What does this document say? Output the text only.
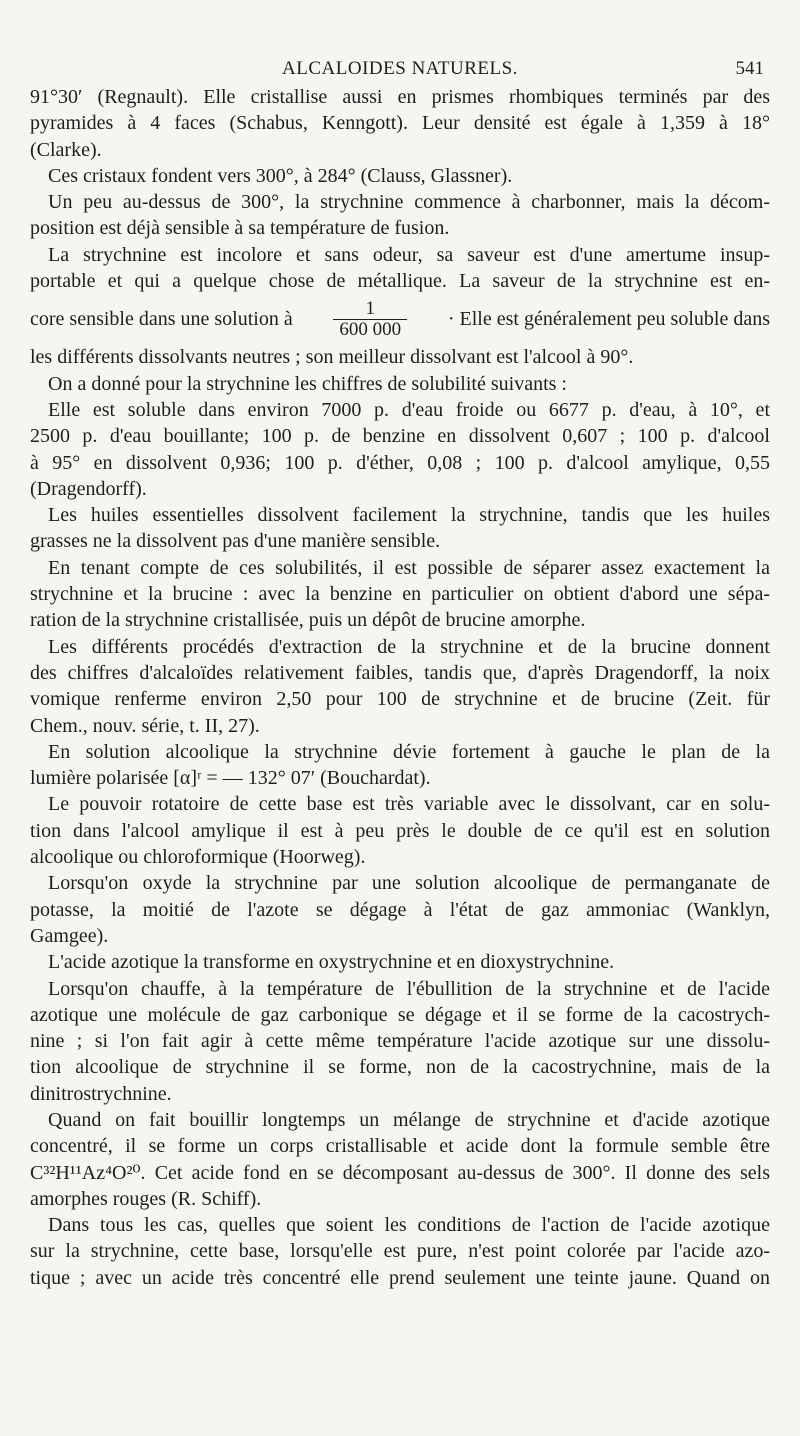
ALCALOIDES NATURELS.	541
91°30′ (Regnault). Elle cristallise aussi en prismes rhombiques terminés par des
pyramides à 4 faces (Schabus, Kenngott). Leur densité est égale à 1,359 à 18°
(Clarke).
Ces cristaux fondent vers 300°, à 284° (Clauss, Glassner).
Un peu au-dessus de 300°, la strychnine commence à charbonner, mais la décom-
position est déjà sensible à sa température de fusion.
La strychnine est incolore et sans odeur, sa saveur est d'une amertume insup-
portable et qui a quelque chose de métallique. La saveur de la strychnine est en-
core sensible dans une solution à $\frac{1}{600 000}$ · Elle est généralement peu soluble dans
les différents dissolvants neutres ; son meilleur dissolvant est l'alcool à 90°.
On a donné pour la strychnine les chiffres de solubilité suivants :
Elle est soluble dans environ 7000 p. d'eau froide ou 6677 p. d'eau, à 10°, et
2500 p. d'eau bouillante; 100 p. de benzine en dissolvent 0,607 ; 100 p. d'alcool
à 95° en dissolvent 0,936; 100 p. d'éther, 0,08 ; 100 p. d'alcool amylique, 0,55
(Dragendorff).
Les huiles essentielles dissolvent facilement la strychnine, tandis que les huiles
grasses ne la dissolvent pas d'une manière sensible.
En tenant compte de ces solubilités, il est possible de séparer assez exactement la
strychnine et la brucine : avec la benzine en particulier on obtient d'abord une sépa-
ration de la strychnine cristallisée, puis un dépôt de brucine amorphe.
Les différents procédés d'extraction de la strychnine et de la brucine donnent
des chiffres d'alcaloïdes relativement faibles, tandis que, d'après Dragendorff, la noix
vomique renferme environ 2,50 pour 100 de strychnine et de brucine (Zeit. für
Chem., nouv. série, t. II, 27).
En solution alcoolique la strychnine dévie fortement à gauche le plan de la
lumière polarisée [α]ʳ = — 132° 07′ (Bouchardat).
Le pouvoir rotatoire de cette base est très variable avec le dissolvant, car en solu-
tion dans l'alcool amylique il est à peu près le double de ce qu'il est en solution
alcoolique ou chloroformique (Hoorweg).
Lorsqu'on oxyde la strychnine par une solution alcoolique de permanganate de
potasse, la moitié de l'azote se dégage à l'état de gaz ammoniac (Wanklyn,
Gamgee).
L'acide azotique la transforme en oxystrychnine et en dioxystrychnine.
Lorsqu'on chauffe, à la température de l'ébullition de la strychnine et de l'acide
azotique une molécule de gaz carbonique se dégage et il se forme de la cacostrych-
nine ; si l'on fait agir à cette même température l'acide azotique sur une dissolu-
tion alcoolique de strychnine il se forme, non de la cacostrychnine, mais de la
dinitrostrychnine.
Quand on fait bouillir longtemps un mélange de strychnine et d'acide azotique
concentré, il se forme un corps cristallisable et acide dont la formule semble être
C³²H¹¹Az⁴O²⁰. Cet acide fond en se décomposant au-dessus de 300°. Il donne des sels
amorphes rouges (R. Schiff).
Dans tous les cas, quelles que soient les conditions de l'action de l'acide azotique
sur la strychnine, cette base, lorsqu'elle est pure, n'est point colorée par l'acide azo-
tique ; avec un acide très concentré elle prend seulement une teinte jaune. Quand on
